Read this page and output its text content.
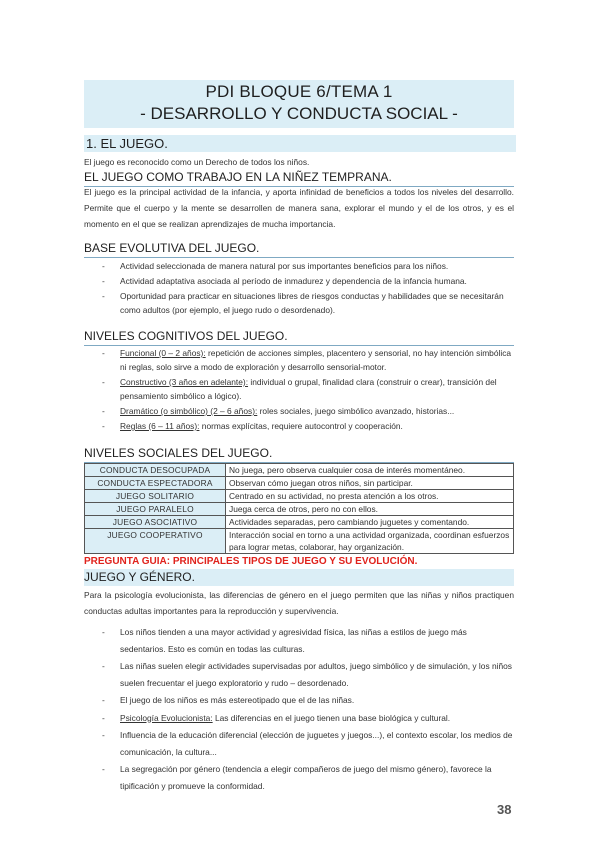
PDI BLOQUE 6/TEMA 1
- DESARROLLO Y CONDUCTA SOCIAL -
1. EL JUEGO.

El juego es reconocido como un Derecho de todos los niños.

EL JUEGO COMO TRABAJO EN LA NIÑEZ TEMPRANA.

El juego es la principal actividad de la infancia, y aporta infinidad de beneficios a todos los niveles del desarrollo. Permite que el cuerpo y la mente se desarrollen de manera sana, explorar el mundo y el de los otros, y es el momento en el que se realizan aprendizajes de mucha importancia.

BASE EVOLUTIVA DEL JUEGO.
- Actividad seleccionada de manera natural por sus importantes beneficios para los niños.
- Actividad adaptativa asociada al período de inmadurez y dependencia de la infancia humana.
- Oportunidad para practicar en situaciones libres de riesgos conductas y habilidades que se necesitarán como adultos (por ejemplo, el juego rudo o desordenado).
NIVELES COGNITIVOS DEL JUEGO.
- Funcional (0 – 2 años): repetición de acciones simples, placentero y sensorial, no hay intención simbólica ni reglas, solo sirve a modo de exploración y desarrollo sensorial-motor.
- Constructivo (3 años en adelante): individual o grupal, finalidad clara (construir o crear), transición del pensamiento simbólico a lógico).
- Dramático (o simbólico) (2 – 6 años): roles sociales, juego simbólico avanzado, historias...
- Reglas (6 – 11 años): normas explícitas, requiere autocontrol y cooperación.
NIVELES SOCIALES DEL JUEGO.
CONDUCTA DESOCUPADA	No juega, pero observa cualquier cosa de interés momentáneo.
CONDUCTA ESPECTADORA	Observan cómo juegan otros niños, sin participar.
JUEGO SOLITARIO	Centrado en su actividad, no presta atención a los otros.
JUEGO PARALELO	Juega cerca de otros, pero no con ellos.
JUEGO ASOCIATIVO	Actividades separadas, pero cambiando juguetes y comentando.
JUEGO COOPERATIVO	Interacción social en torno a una actividad organizada, coordinan esfuerzos para lograr metas, colaborar, hay organización.
PREGUNTA GUIA: PRINCIPALES TIPOS DE JUEGO Y SU EVOLUCIÓN.
JUEGO Y GÉNERO.

Para la psicología evolucionista, las diferencias de género en el juego permiten que las niñas y niños practiquen conductas adultas importantes para la reproducción y supervivencia.

- Los niños tienden a una mayor actividad y agresividad física, las niñas a estilos de juego más sedentarios. Esto es común en todas las culturas.
- Las niñas suelen elegir actividades supervisadas por adultos, juego simbólico y de simulación, y los niños suelen frecuentar el juego exploratorio y rudo – desordenado.
- El juego de los niños es más estereotipado que el de las niñas.
- Psicología Evolucionista: Las diferencias en el juego tienen una base biológica y cultural.
- Influencia de la educación diferencial (elección de juguetes y juegos...), el contexto escolar, los medios de comunicación, la cultura...
- La segregación por género (tendencia a elegir compañeros de juego del mismo género), favorece la tipificación y promueve la conformidad.
38
